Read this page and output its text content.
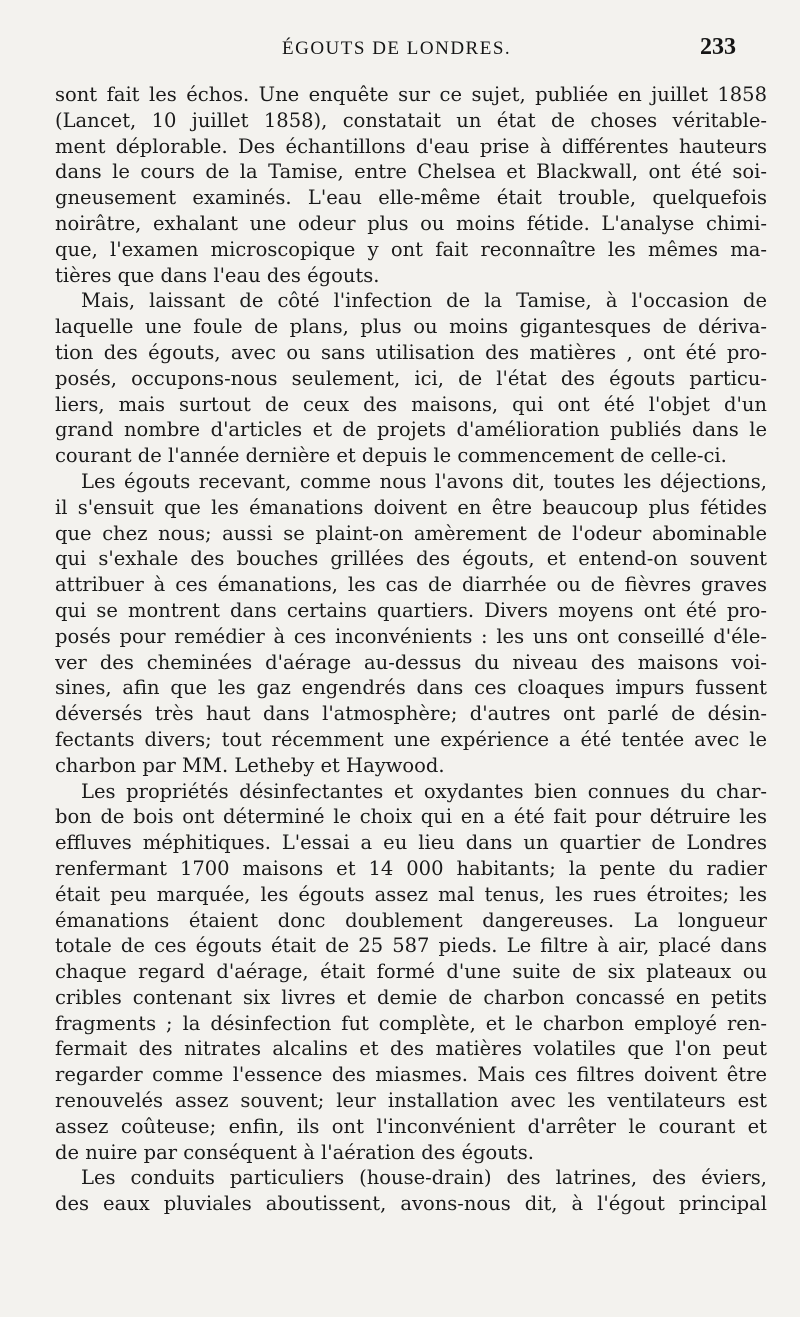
ÉGOUTS DE LONDRES.	233
sont fait les échos. Une enquête sur ce sujet, publiée en juillet 1858
(Lancet, 10 juillet 1858), constatait un état de choses véritable-
ment déplorable. Des échantillons d'eau prise à différentes hauteurs
dans le cours de la Tamise, entre Chelsea et Blackwall, ont été soi-
gneusement examinés. L'eau elle-même était trouble, quelquefois
noirâtre, exhalant une odeur plus ou moins fétide. L'analyse chimi-
que, l'examen microscopique y ont fait reconnaître les mêmes ma-
tières que dans l'eau des égouts.
Mais, laissant de côté l'infection de la Tamise, à l'occasion de
laquelle une foule de plans, plus ou moins gigantesques de dériva-
tion des égouts, avec ou sans utilisation des matières , ont été pro-
posés, occupons-nous seulement, ici, de l'état des égouts particu-
liers, mais surtout de ceux des maisons, qui ont été l'objet d'un
grand nombre d'articles et de projets d'amélioration publiés dans le
courant de l'année dernière et depuis le commencement de celle-ci.
Les égouts recevant, comme nous l'avons dit, toutes les déjections,
il s'ensuit que les émanations doivent en être beaucoup plus fétides
que chez nous; aussi se plaint-on amèrement de l'odeur abominable
qui s'exhale des bouches grillées des égouts, et entend-on souvent
attribuer à ces émanations, les cas de diarrhée ou de fièvres graves
qui se montrent dans certains quartiers. Divers moyens ont été pro-
posés pour remédier à ces inconvénients : les uns ont conseillé d'éle-
ver des cheminées d'aérage au-dessus du niveau des maisons voi-
sines, afin que les gaz engendrés dans ces cloaques impurs fussent
déversés très haut dans l'atmosphère; d'autres ont parlé de désin-
fectants divers; tout récemment une expérience a été tentée avec le
charbon par MM. Letheby et Haywood.
Les propriétés désinfectantes et oxydantes bien connues du char-
bon de bois ont déterminé le choix qui en a été fait pour détruire les
effluves méphitiques. L'essai a eu lieu dans un quartier de Londres
renfermant 1700 maisons et 14 000 habitants; la pente du radier
était peu marquée, les égouts assez mal tenus, les rues étroites; les
émanations étaient donc doublement dangereuses. La longueur
totale de ces égouts était de 25 587 pieds. Le filtre à air, placé dans
chaque regard d'aérage, était formé d'une suite de six plateaux ou
cribles contenant six livres et demie de charbon concassé en petits
fragments ; la désinfection fut complète, et le charbon employé ren-
fermait des nitrates alcalins et des matières volatiles que l'on peut
regarder comme l'essence des miasmes. Mais ces filtres doivent être
renouvelés assez souvent; leur installation avec les ventilateurs est
assez coûteuse; enfin, ils ont l'inconvénient d'arrêter le courant et
de nuire par conséquent à l'aération des égouts.
Les conduits particuliers (house-drain) des latrines, des éviers,
des eaux pluviales aboutissent, avons-nous dit, à l'égout principal
